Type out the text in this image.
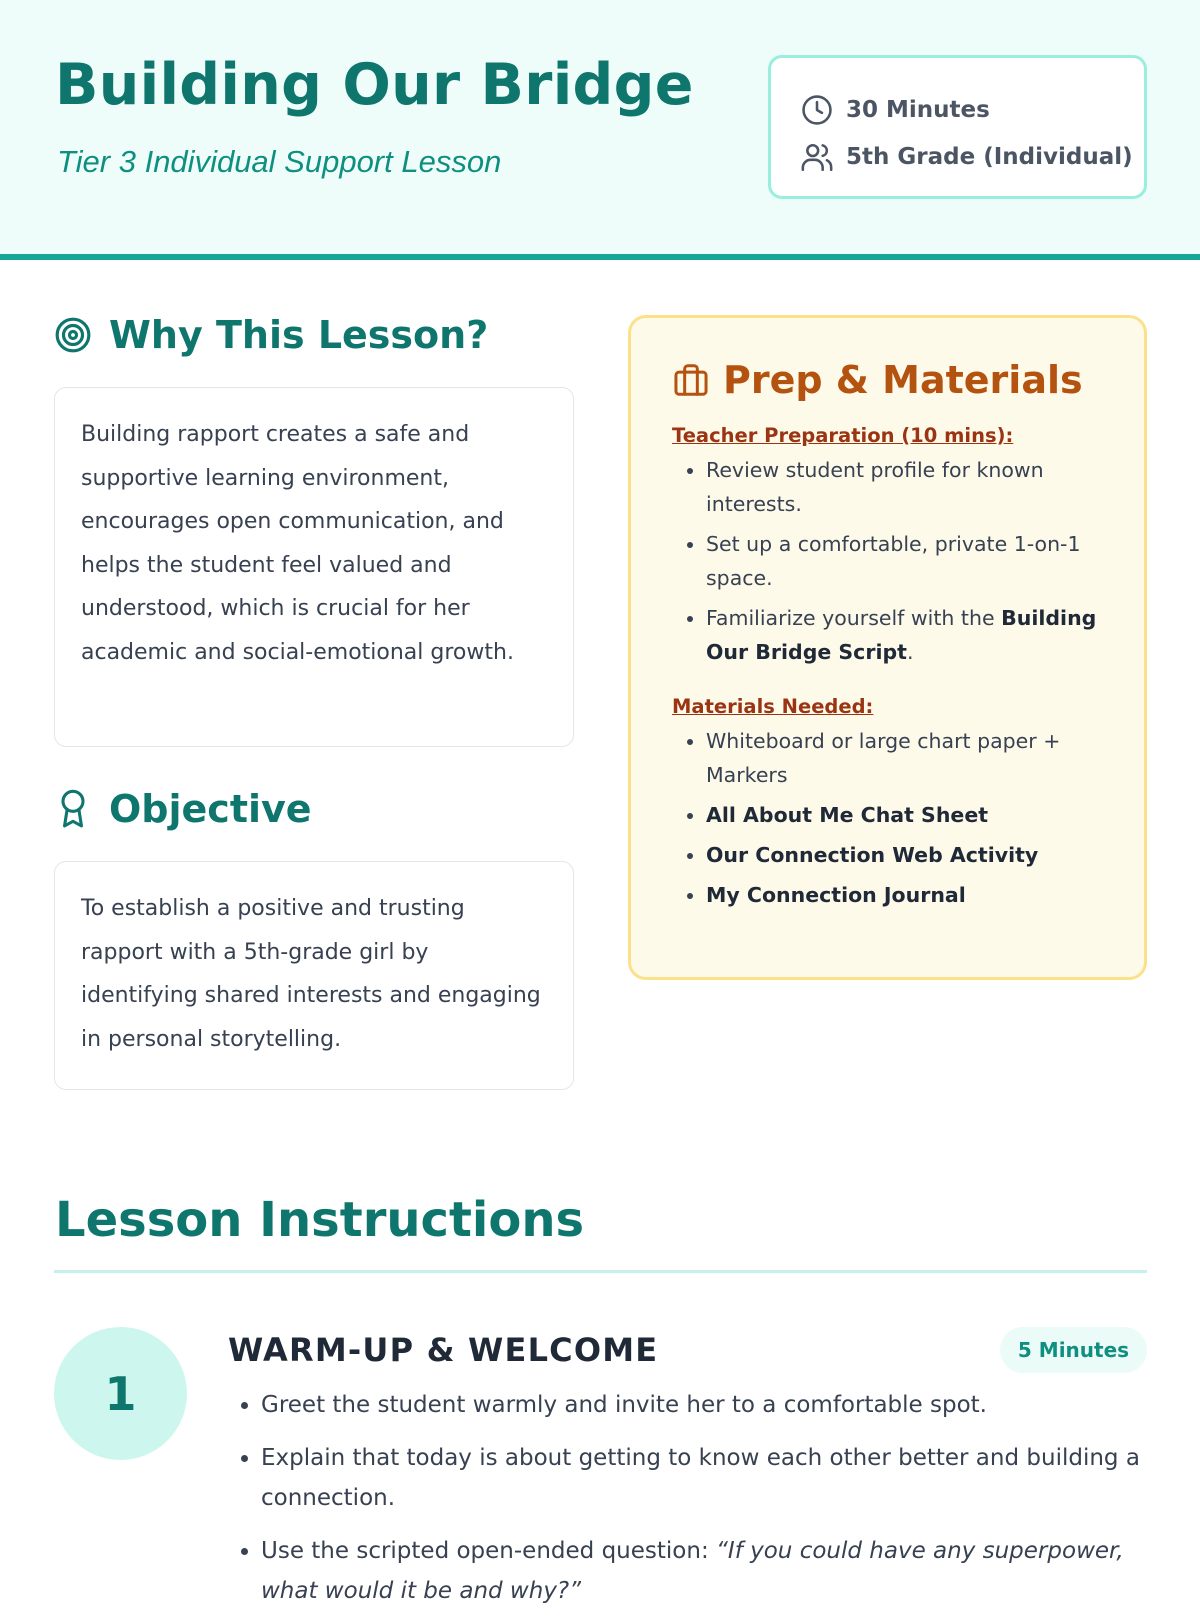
Building Our Bridge
Tier 3 Individual Support Lesson
30 Minutes
5th Grade (Individual)
Why This Lesson?

Building rapport creates a safe and supportive learning environment, encourages open communication, and helps the student feel valued and understood, which is crucial for her academic and social-emotional growth.

Objective

To establish a positive and trusting rapport with a 5th-grade girl by identifying shared interests and engaging in personal storytelling.

Prep & Materials
Teacher Preparation (10 mins):
• Review student profile for known interests.
• Set up a comfortable, private 1-on-1 space.
• Familiarize yourself with the Building Our Bridge Script.
Materials Needed:
• Whiteboard or large chart paper + Markers
• All About Me Chat Sheet
• Our Connection Web Activity
• My Connection Journal
Lesson Instructions
1
WARM-UP & WELCOME	5 Minutes
• Greet the student warmly and invite her to a comfortable spot.
• Explain that today is about getting to know each other better and building a connection.
• Use the scripted open-ended question: “If you could have any superpower, what would it be and why?”
